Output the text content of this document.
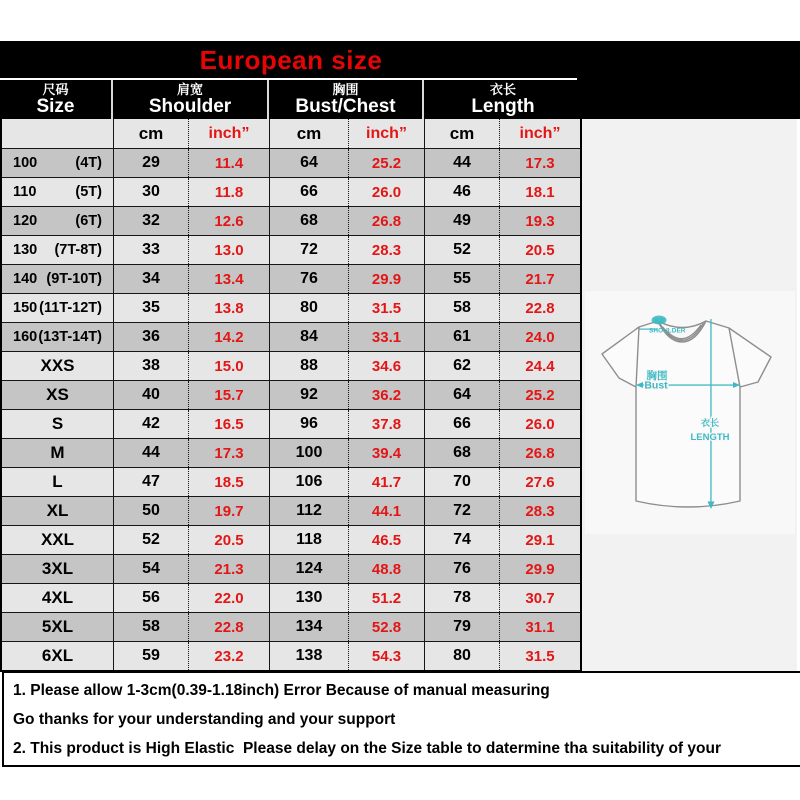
European size
尺码
Size
肩宽
Shoulder
胸围
Bust/Chest
衣长
Length
cm	inch”	cm	inch”	cm	inch”
100	(4T)	29	11.4	64	25.2	44	17.3
110	(5T)	30	11.8	66	26.0	46	18.1
120	(6T)	32	12.6	68	26.8	49	19.3
130 (7T-8T)	33	13.0	72	28.3	52	20.5
140 (9T-10T)	34	13.4	76	29.9	55	21.7
150 (11T-12T)	35	13.8	80	31.5	58	22.8
160 (13T-14T)	36	14.2	84	33.1	61	24.0
XXS	38	15.0	88	34.6	62	24.4
XS	40	15.7	92	36.2	64	25.2
S	42	16.5	96	37.8	66	26.0
M	44	17.3	100	39.4	68	26.8
L	47	18.5	106	41.7	70	27.6
XL	50	19.7	112	44.1	72	28.3
XXL	52	20.5	118	46.5	74	29.1
3XL	54	21.3	124	48.8	76	29.9
4XL	56	22.0	130	51.2	78	30.7
5XL	58	22.8	134	52.8	79	31.1
6XL	59	23.2	138	54.3	80	31.5
肩宽
SHOULDER
胸围
Bust
衣长
LENGTH
1. Please allow 1-3cm(0.39-1.18inch) Error Because of manual measuring
Go thanks for your understanding and your support
2. This product is High Elastic  Please delay on the Size table to datermine tha suitability of your
